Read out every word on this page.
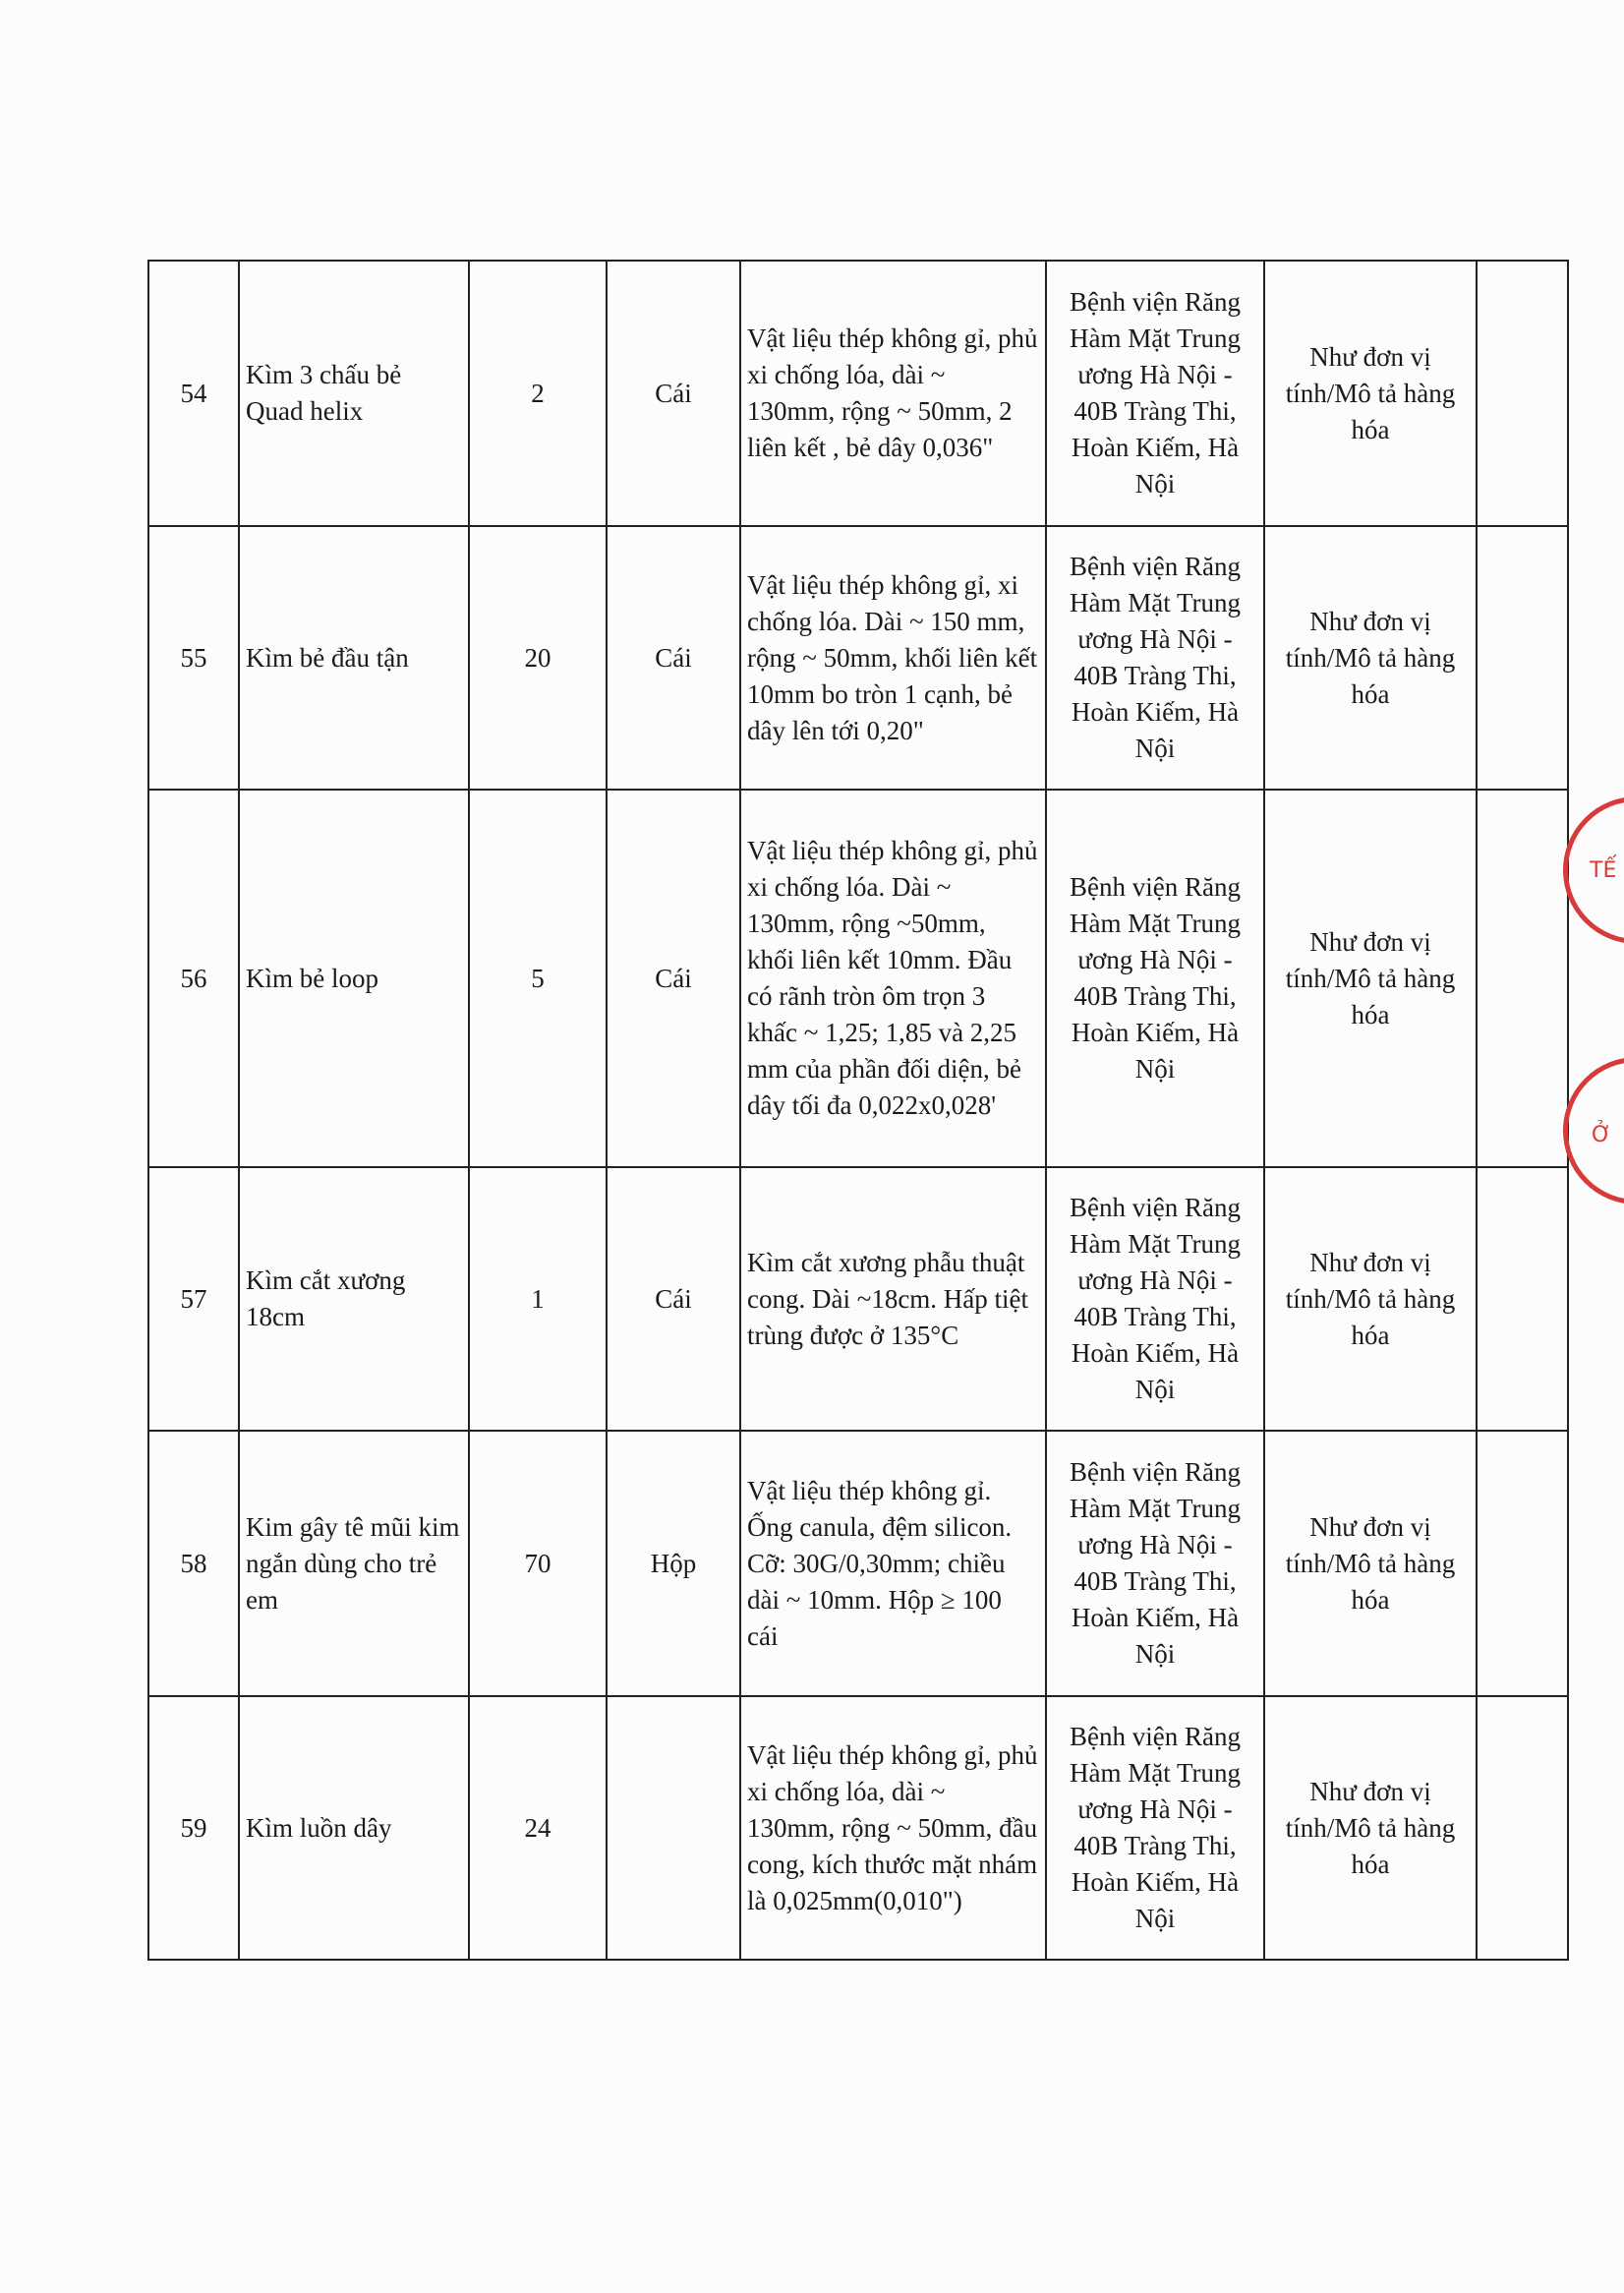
54	Kìm 3 chấu bẻ Quad helix	2	Cái	Vật liệu thép không gỉ, phủ xi chống lóa, dài ~ 130mm, rộng ~ 50mm, 2 liên kết , bẻ dây 0,036"	Bệnh viện Răng Hàm Mặt Trung ương Hà Nội - 40B Tràng Thi, Hoàn Kiếm, Hà Nội	Như đơn vị tính/Mô tả hàng hóa	
55	Kìm bẻ đầu tận	20	Cái	Vật liệu thép không gỉ, xi chống lóa. Dài ~ 150 mm, rộng ~ 50mm, khối liên kết 10mm bo tròn 1 cạnh, bẻ dây lên tới 0,20"	Bệnh viện Răng Hàm Mặt Trung ương Hà Nội - 40B Tràng Thi, Hoàn Kiếm, Hà Nội	Như đơn vị tính/Mô tả hàng hóa	
56	Kìm bẻ loop	5	Cái	Vật liệu thép không gỉ, phủ xi chống lóa. Dài ~ 130mm, rộng ~50mm, khối liên kết 10mm. Đầu có rãnh tròn ôm trọn 3 khấc ~ 1,25; 1,85 và 2,25 mm của phần đối diện, bẻ dây tối đa 0,022x0,028'	Bệnh viện Răng Hàm Mặt Trung ương Hà Nội - 40B Tràng Thi, Hoàn Kiếm, Hà Nội	Như đơn vị tính/Mô tả hàng hóa	
57	Kìm cắt xương 18cm	1	Cái	Kìm cắt xương phẫu thuật cong. Dài ~18cm. Hấp tiệt trùng được ở 135°C	Bệnh viện Răng Hàm Mặt Trung ương Hà Nội - 40B Tràng Thi, Hoàn Kiếm, Hà Nội	Như đơn vị tính/Mô tả hàng hóa	
58	Kim gây tê mũi kim ngắn dùng cho trẻ em	70	Hộp	Vật liệu thép không gỉ. Ống canula, đệm silicon. Cỡ: 30G/0,30mm; chiều dài ~ 10mm. Hộp ≥ 100 cái	Bệnh viện Răng Hàm Mặt Trung ương Hà Nội - 40B Tràng Thi, Hoàn Kiếm, Hà Nội	Như đơn vị tính/Mô tả hàng hóa	
59	Kìm luồn dây	24		Vật liệu thép không gỉ, phủ xi chống lóa, dài ~ 130mm, rộng ~ 50mm, đầu cong, kích thước mặt nhám là 0,025mm(0,010")	Bệnh viện Răng Hàm Mặt Trung ương Hà Nội - 40B Tràng Thi, Hoàn Kiếm, Hà Nội	Như đơn vị tính/Mô tả hàng hóa	
TẾ
Ở
